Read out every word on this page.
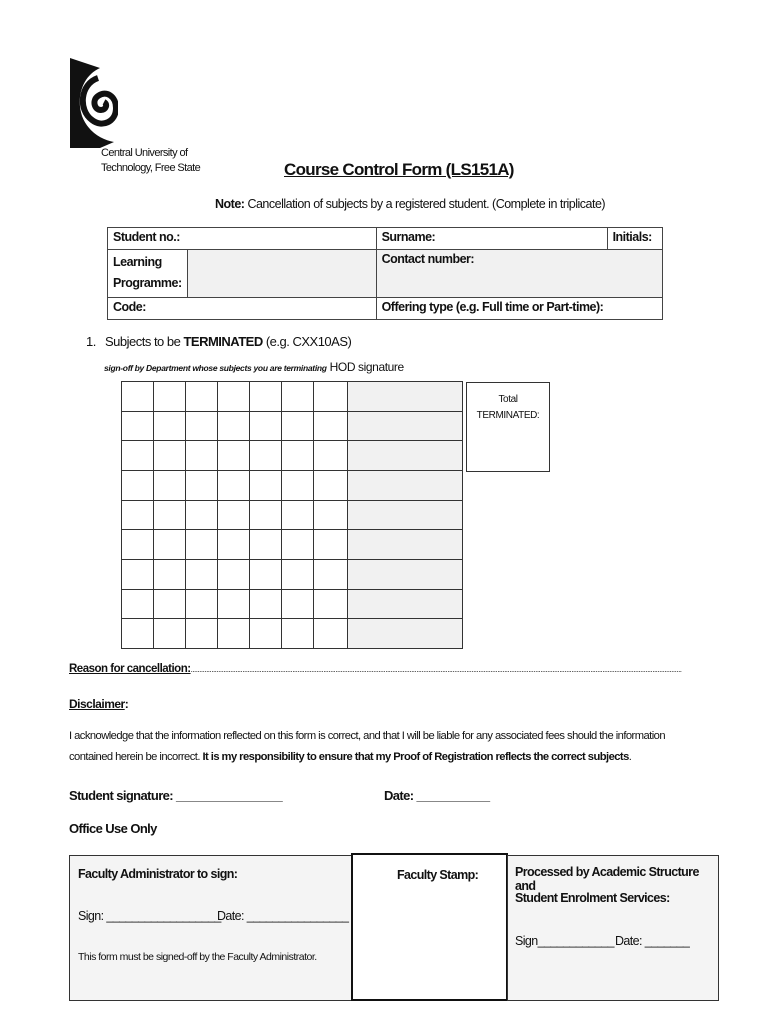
Central University of
Technology, Free State	Course Control Form (LS151A)
Note: Cancellation of subjects by a registered student. (Complete in triplicate)
Student no.:		Surname:	Initials:

Learning
Programme:		Contact number:	
Code:		Offering type (e.g. Full time or Part-time):	
1. Subjects to be TERMINATED (e.g. CXX10AS)
sign-off by Department whose subjects you are terminating HOD signature

Total
TERMINATED:
Reason for cancellation:.............................................................................................................................................................................................................................................................................................
Disclaimer:
I acknowledge that the information reflected on this form is correct, and that I will be liable for any associated fees should the information contained herein be incorrect. It is my responsibility to ensure that my Proof of Registration reflects the correct subjects.
Student signature: ________________	Date: ___________
Office Use Only
Faculty Administrator to sign:
Sign: __________________
Date: ________________
This form must be signed-off by the Faculty Administrator.
Faculty Stamp:	Processed by Academic Structure and
Student Enrolment Services:
Sign____________ Date: _______
